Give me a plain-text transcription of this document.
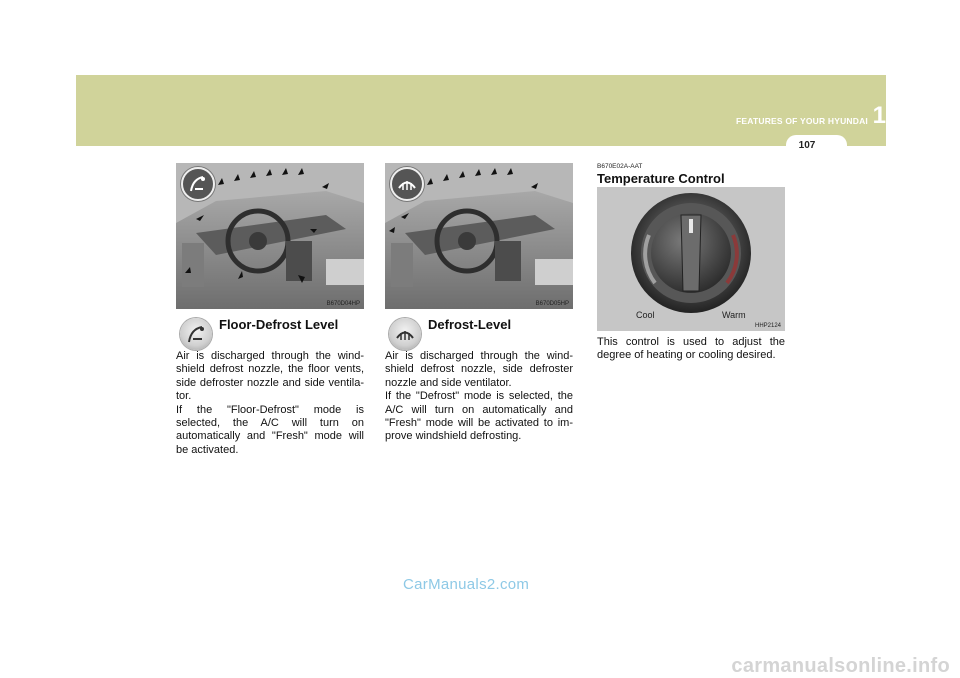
FEATURES OF YOUR HYUNDAI 1
107
B670D04HP	B670D05HP
Floor-Defrost Level

Air is discharged through the wind-shield defrost nozzle, the floor vents, side defroster nozzle and side ventila-tor.

If the "Floor-Defrost" mode is selected, the A/C will turn on automatically and "Fresh" mode will be activated.

Defrost-Level

Air is discharged through the wind-shield defrost nozzle, side defroster nozzle and side ventilator.

If the "Defrost" mode is selected, the A/C will turn on automatically and "Fresh" mode will be activated to im-prove windshield defrosting.

B670E02A-AAT
Temperature Control
Cool	Warm
HHP2124

This control is used to adjust the degree of heating or cooling desired.

CarManuals2.com
carmanualsonline.info
